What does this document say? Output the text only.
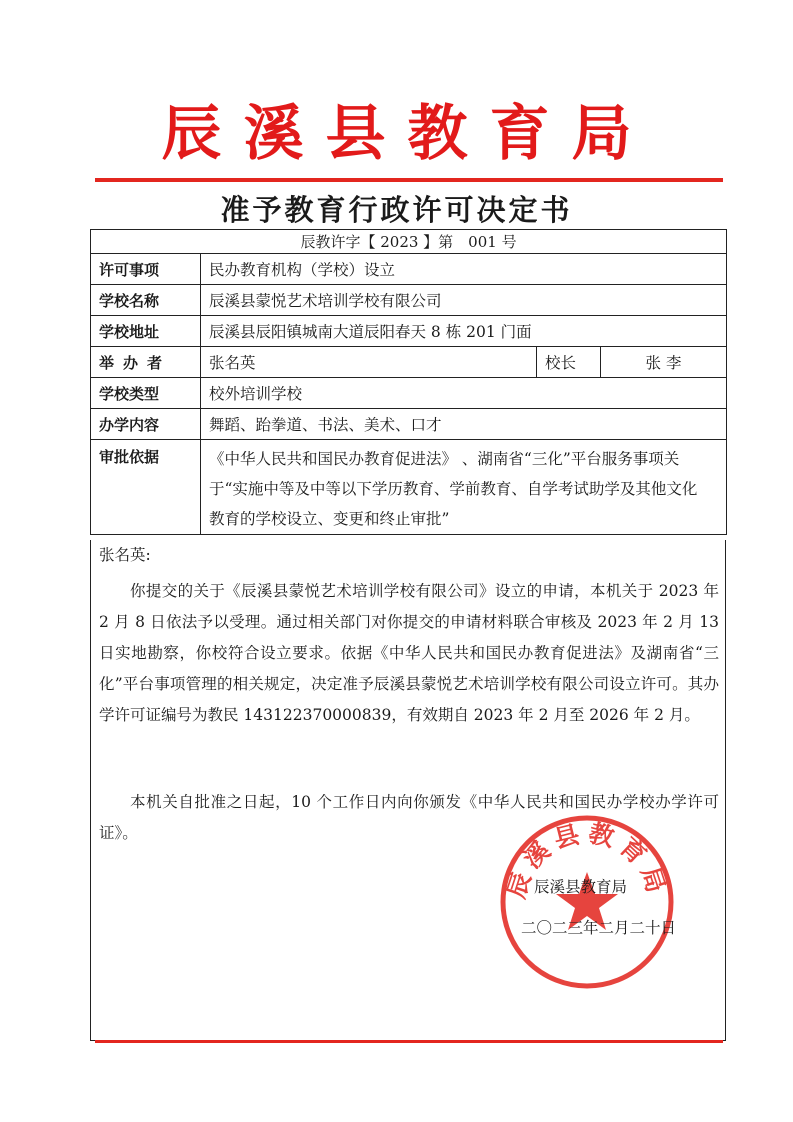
辰溪县教育局
准予教育行政许可决定书
辰教许字【 2023 】第　001 号			
许可事项	民办教育机构（学校）设立		
学校名称	辰溪县蒙悦艺术培训学校有限公司		
学校地址	辰溪县辰阳镇城南大道辰阳春天 8 栋 201 门面		
举办者	张名英	校长	张 李
学校类型	校外培训学校		
办学内容	舞蹈、跆拳道、书法、美术、口才		
审批依据	《中华人民共和国民办教育促进法》 、湖南省“三化”平台服务事项关于“实施中等及中等以下学历教育、学前教育、自学考试助学及其他文化教育的学校设立、变更和终止审批”		
张名英:
你提交的关于《辰溪县蒙悦艺术培训学校有限公司》设立的申请，本机关于 2023 年 2 月 8 日依法予以受理。通过相关部门对你提交的申请材料联合审核及 2023 年 2 月 13 日实地勘察，你校符合设立要求。依据《中华人民共和国民办教育促进法》及湖南省“三化”平台事项管理的相关规定，决定准予辰溪县蒙悦艺术培训学校有限公司设立许可。其办学许可证编号为教民 143122370000839，有效期自 2023 年 2 月至 2026 年 2 月。
本机关自批准之日起，10 个工作日内向你颁发《中华人民共和国民办学校办学许可证》。
辰溪县教育局
辰溪县教育局
二〇二三年二月二十日
